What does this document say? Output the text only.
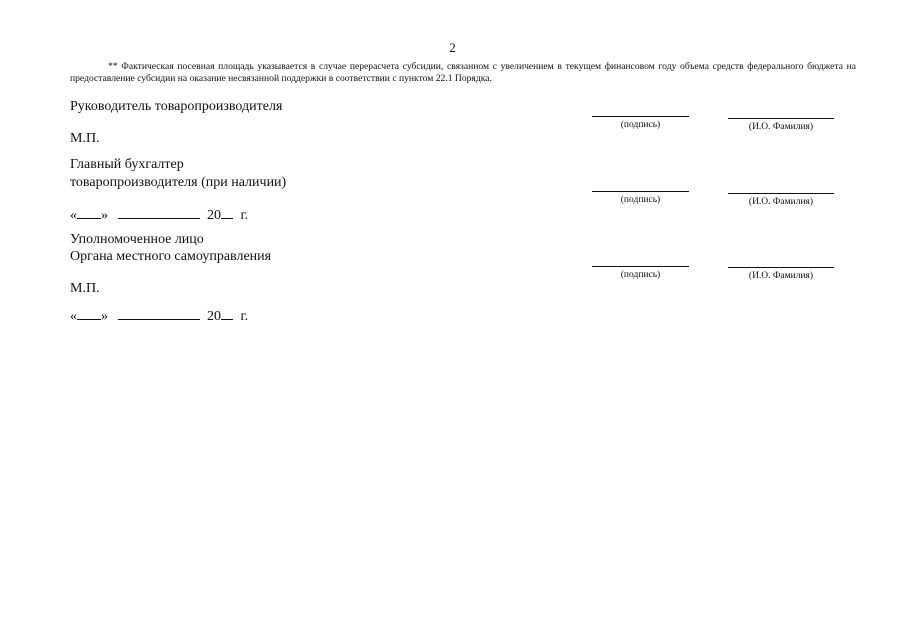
2
** Фактическая посевная площадь указывается в случае перерасчета субсидии, связанном с увеличением в текущем финансовом году объема средств федерального бюджета на предоставление субсидии на оказание несвязанной поддержки в соответствии с пунктом 22.1 Порядка.
Руководитель товаропроизводителя
(подпись)	(И.О. Фамилия)
М.П.
Главный бухгалтер
товаропроизводителя (при наличии)
(подпись)	(И.О. Фамилия)
« »	20 г.
Уполномоченное лицо
Органа местного самоуправления
(подпись)	(И.О. Фамилия)
М.П.
« »	20 г.
